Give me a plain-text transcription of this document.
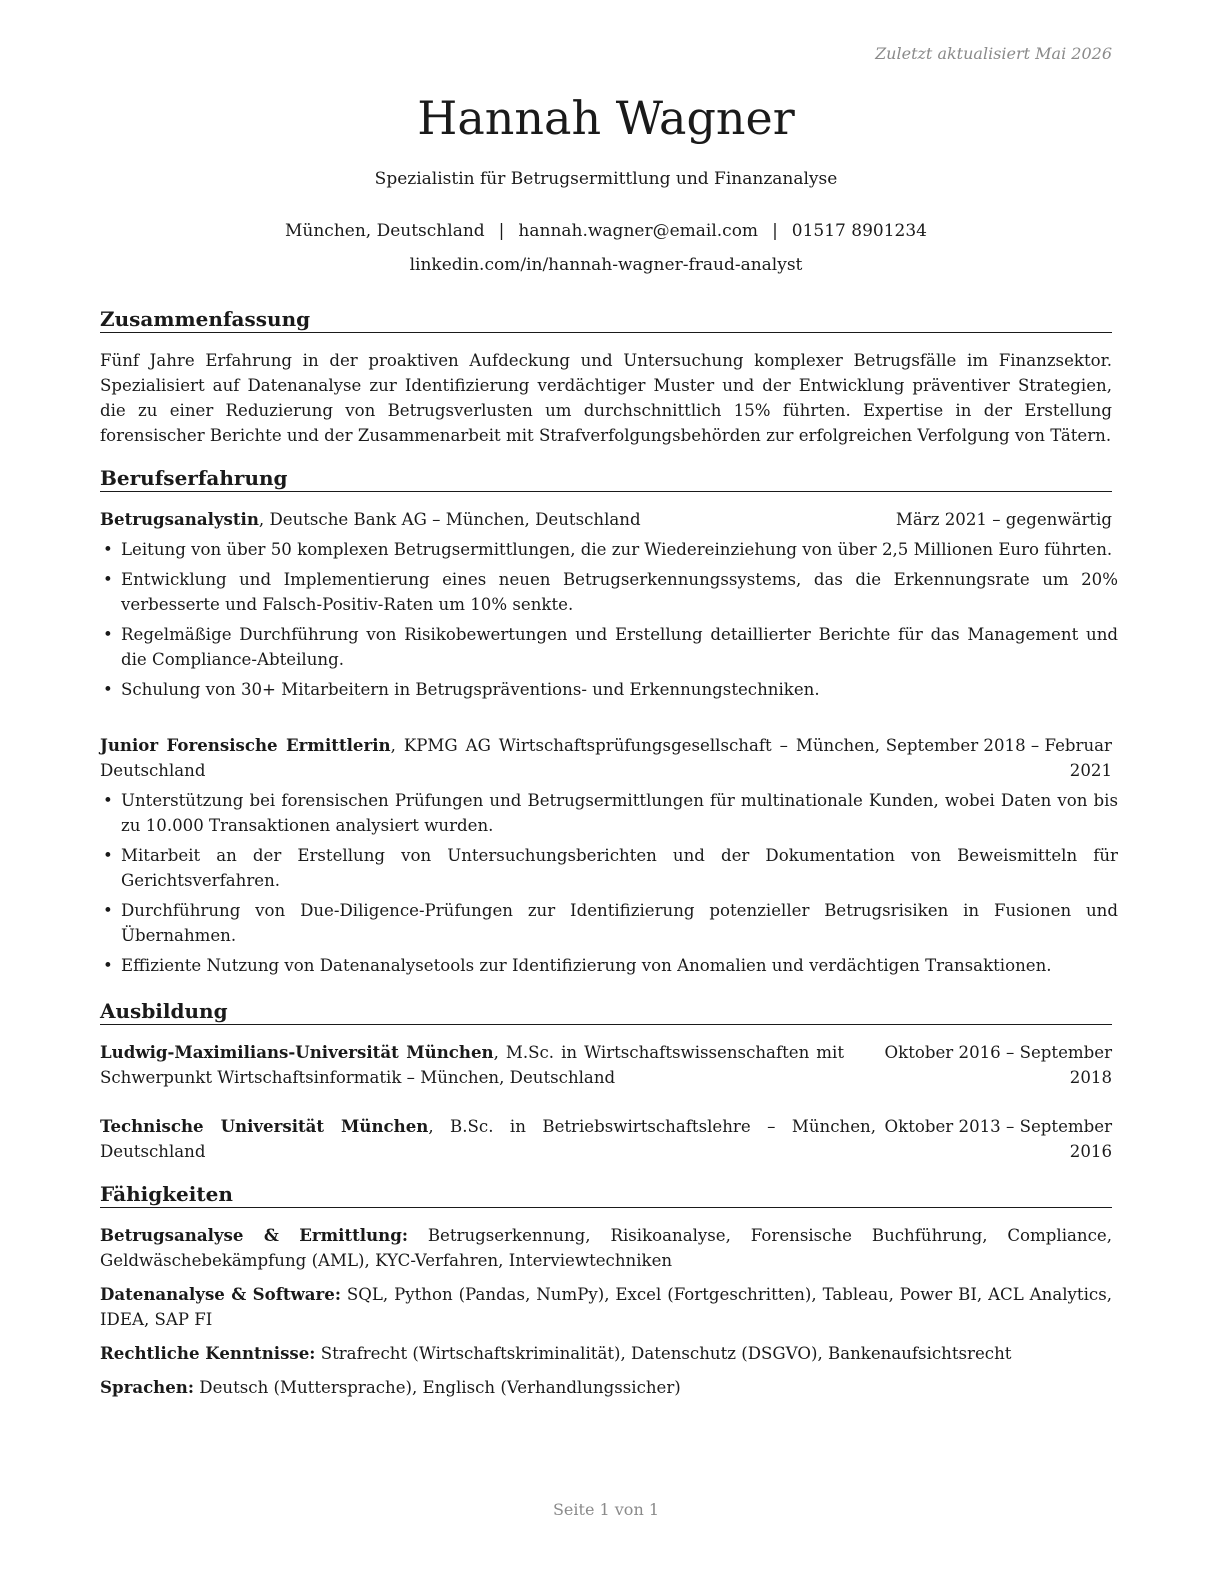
Zuletzt aktualisiert Mai 2026
Hannah Wagner
Spezialistin für Betrugsermittlung und Finanzanalyse
München, Deutschland | hannah.wagner@email.com | 01517 8901234
linkedin.com/in/hannah-wagner-fraud-analyst
Zusammenfassung

Fünf Jahre Erfahrung in der proaktiven Aufdeckung und Untersuchung komplexer Betrugsfälle im Finanzsektor. Spezialisiert auf Datenanalyse zur Identifizierung verdächtiger Muster und der Entwicklung präventiver Strategien, die zu einer Reduzierung von Betrugsverlusten um durchschnittlich 15% führten. Expertise in der Erstellung forensischer Berichte und der Zusammenarbeit mit Strafverfolgungsbehörden zur erfolgreichen Verfolgung von Tätern.

Berufserfahrung
Betrugsanalystin, Deutsche Bank AG – München, Deutschland	März 2021 – gegenwärtig
• Leitung von über 50 komplexen Betrugsermittlungen, die zur Wiedereinziehung von über 2,5 Millionen Euro führten.
• Entwicklung und Implementierung eines neuen Betrugserkennungssystems, das die Erkennungsrate um 20% verbesserte und Falsch-Positiv-Raten um 10% senkte.
• Regelmäßige Durchführung von Risikobewertungen und Erstellung detaillierter Berichte für das Management und die Compliance-Abteilung.
• Schulung von 30+ Mitarbeitern in Betrugspräventions- und Erkennungstechniken.
Junior Forensische Ermittlerin, KPMG AG Wirtschaftsprüfungsgesellschaft – München, Deutschland
September 2018 – Februar 2021
• Unterstützung bei forensischen Prüfungen und Betrugsermittlungen für multinationale Kunden, wobei Daten von bis zu 10.000 Transaktionen analysiert wurden.
• Mitarbeit an der Erstellung von Untersuchungsberichten und der Dokumentation von Beweismitteln für Gerichtsverfahren.
• Durchführung von Due-Diligence-Prüfungen zur Identifizierung potenzieller Betrugsrisiken in Fusionen und Übernahmen.
• Effiziente Nutzung von Datenanalysetools zur Identifizierung von Anomalien und verdächtigen Transaktionen.
Ausbildung
Ludwig-Maximilians-Universität München, M.Sc. in Wirtschaftswissenschaften mit Schwerpunkt Wirtschaftsinformatik – München, Deutschland
Oktober 2016 – September 2018
Technische Universität München, B.Sc. in Betriebswirtschaftslehre – München, Deutschland
Oktober 2013 – September 2016
Fähigkeiten

Betrugsanalyse & Ermittlung: Betrugserkennung, Risikoanalyse, Forensische Buchführung, Compliance, Geldwäschebekämpfung (AML), KYC-Verfahren, Interviewtechniken

Datenanalyse & Software: SQL, Python (Pandas, NumPy), Excel (Fortgeschritten), Tableau, Power BI, ACL Analytics, IDEA, SAP FI

Rechtliche Kenntnisse: Strafrecht (Wirtschaftskriminalität), Datenschutz (DSGVO), Bankenaufsichtsrecht

Sprachen: Deutsch (Muttersprache), Englisch (Verhandlungssicher)

Seite 1 von 1
